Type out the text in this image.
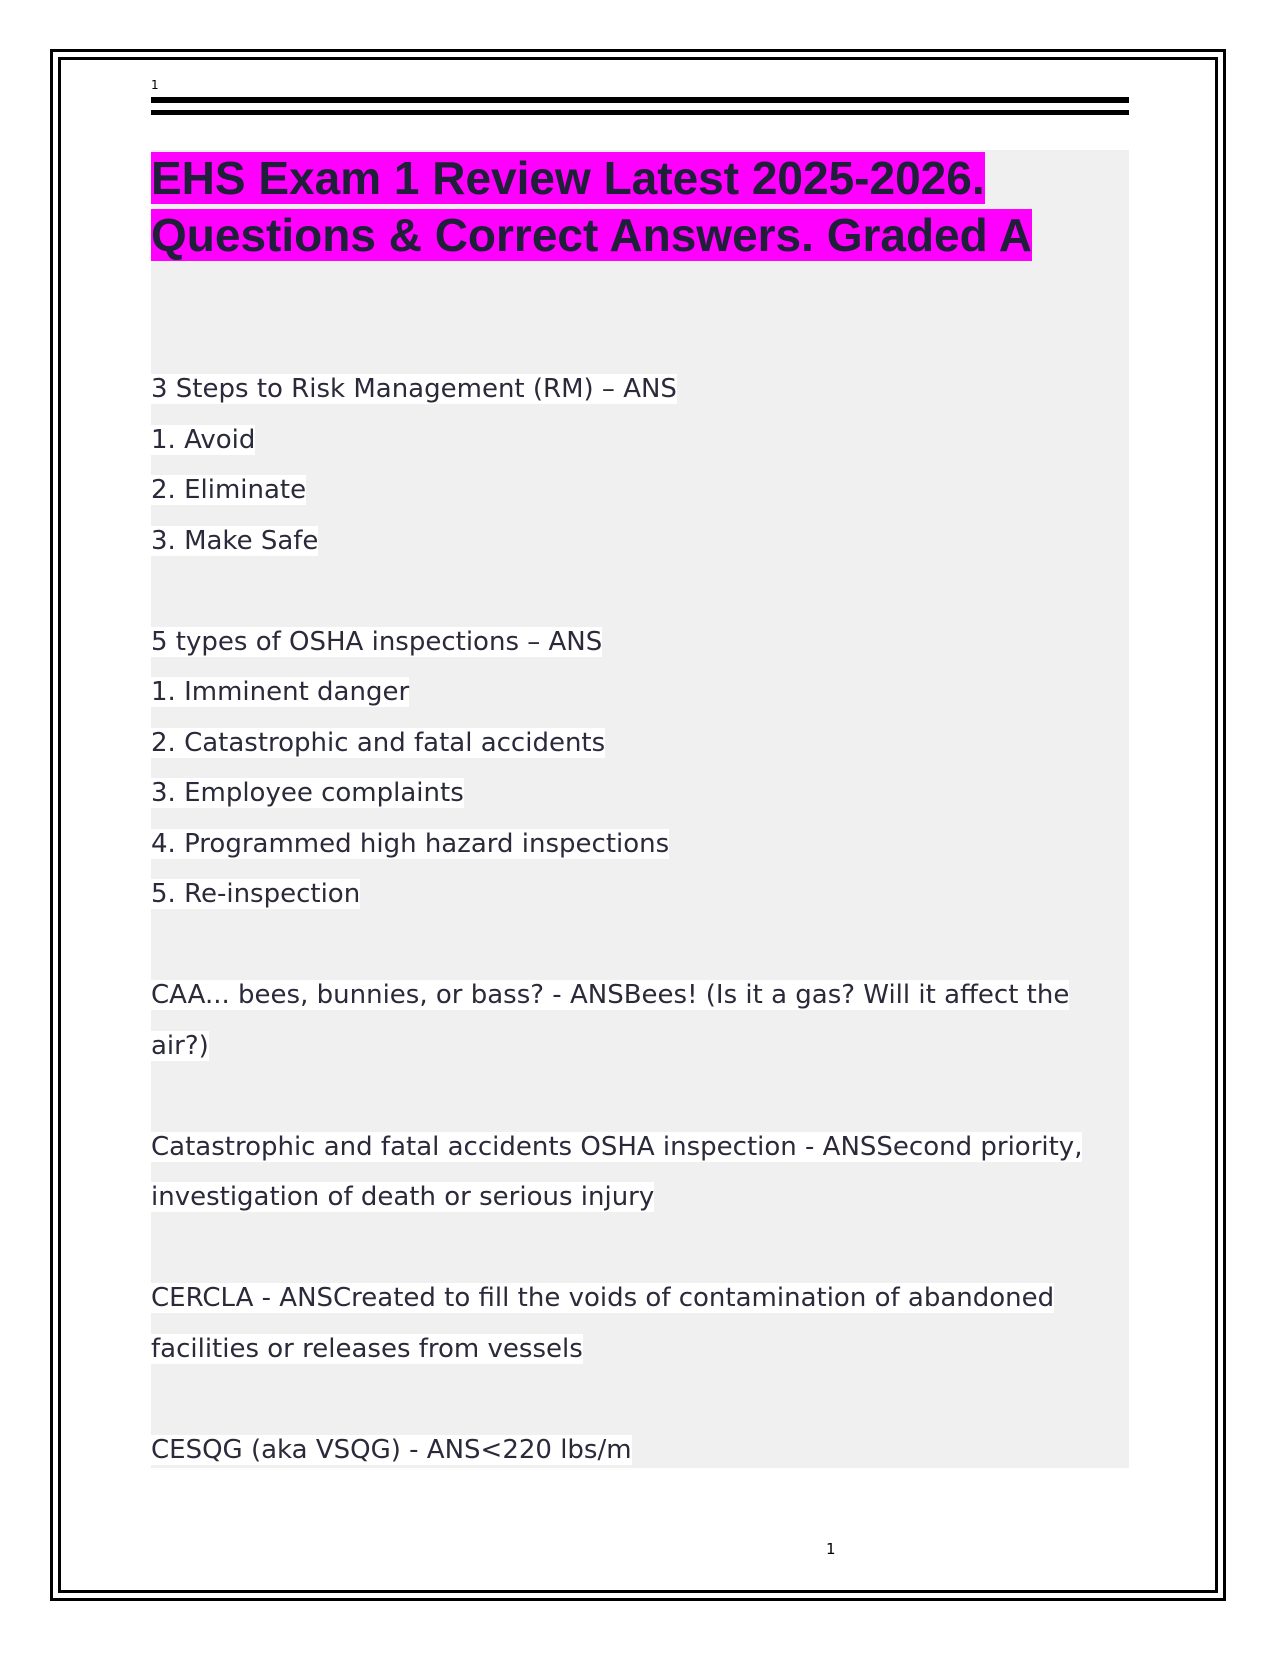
1
EHS Exam 1 Review Latest 2025-2026.
Questions & Correct Answers. Graded A
3 Steps to Risk Management (RM) – ANS
1. Avoid
2. Eliminate
3. Make Safe
5 types of OSHA inspections – ANS
1. Imminent danger
2. Catastrophic and fatal accidents
3. Employee complaints
4. Programmed high hazard inspections
5. Re-inspection
CAA... bees, bunnies, or bass? - ANSBees! (Is it a gas? Will it affect the
air?)
Catastrophic and fatal accidents OSHA inspection - ANSSecond priority,
investigation of death or serious injury
CERCLA - ANSCreated to fill the voids of contamination of abandoned
facilities or releases from vessels
CESQG (aka VSQG) - ANS<220 lbs/m
1
